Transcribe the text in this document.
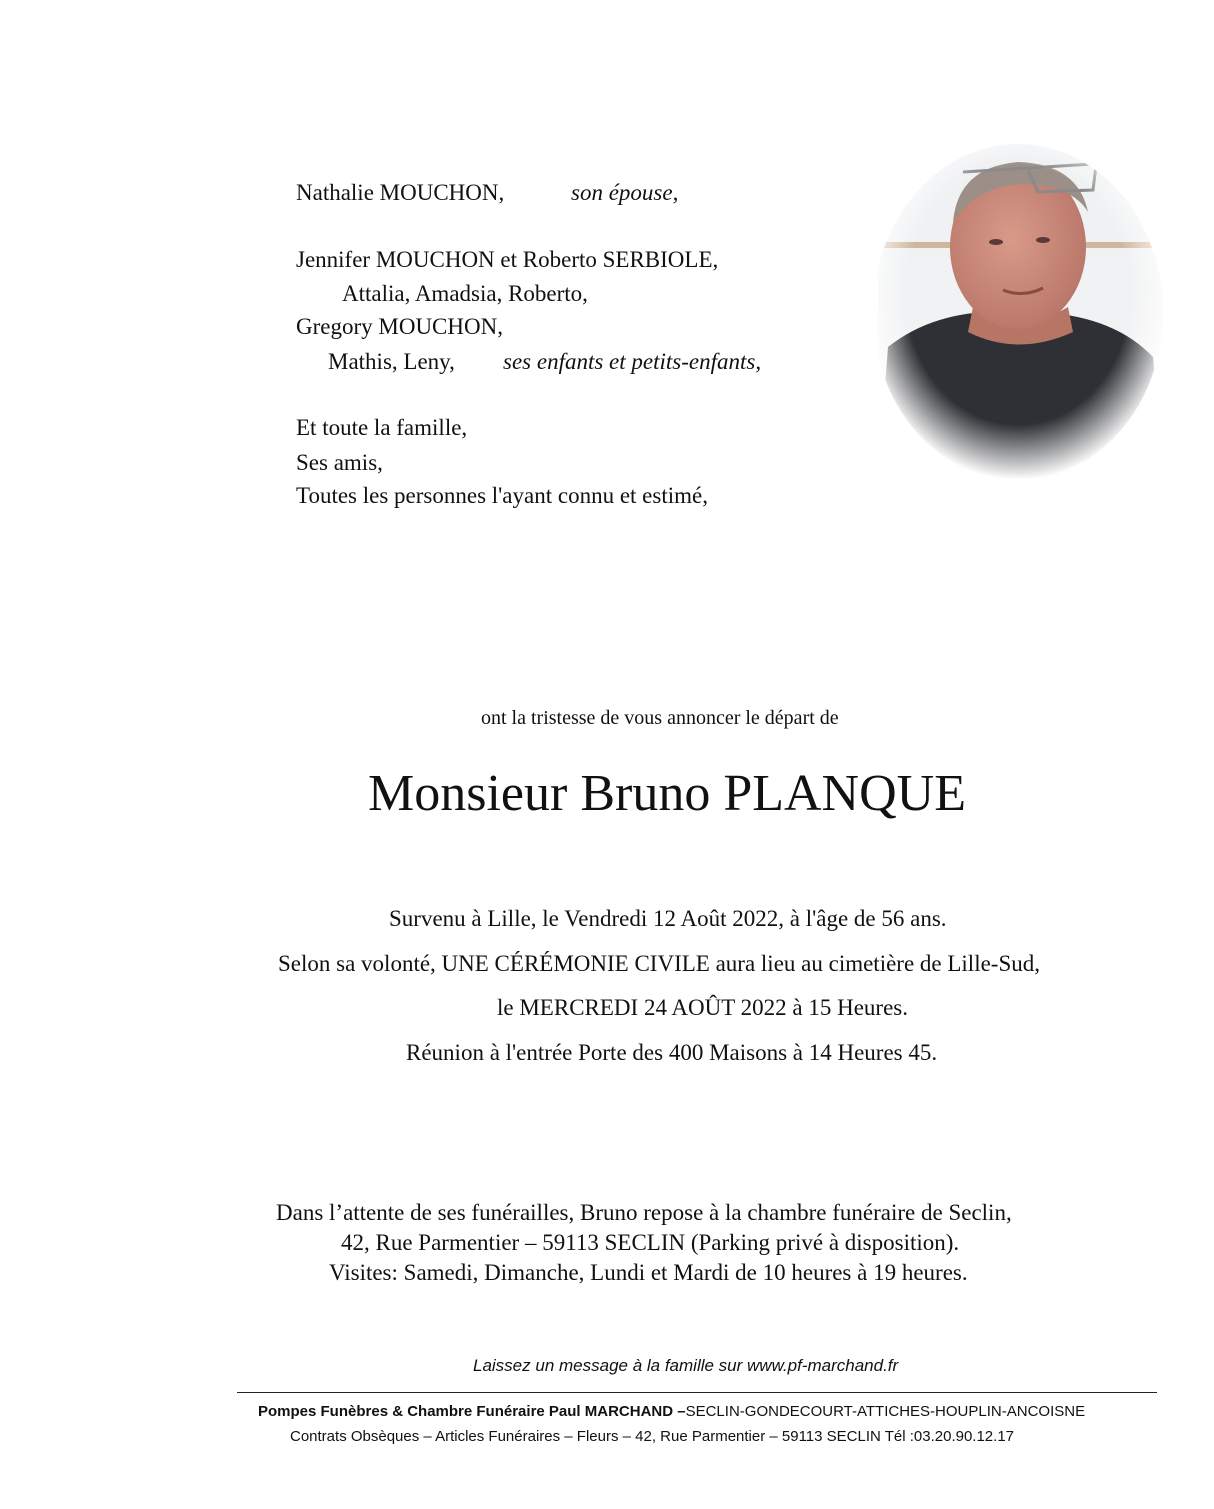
Nathalie MOUCHON,	son épouse,
Jennifer MOUCHON et Roberto SERBIOLE,
Attalia, Amadsia, Roberto,
Gregory MOUCHON,
Mathis, Leny, ses enfants et petits-enfants,
Et toute la famille,
Ses amis,
Toutes les personnes l'ayant connu et estimé,
ont la tristesse de vous annoncer le départ de
Monsieur Bruno PLANQUE
Survenu à Lille, le Vendredi 12 Août 2022, à l'âge de 56 ans.
Selon sa volonté, UNE CÉRÉMONIE CIVILE aura lieu au cimetière de Lille-Sud,
le MERCREDI 24 AOÛT 2022 à 15 Heures.
Réunion à l'entrée Porte des 400 Maisons à 14 Heures 45.
Dans l’attente de ses funérailles, Bruno repose à la chambre funéraire de Seclin,
42, Rue Parmentier – 59113 SECLIN (Parking privé à disposition).
Visites: Samedi, Dimanche, Lundi et Mardi de 10 heures à 19 heures.
Laissez un message à la famille sur www.pf-marchand.fr
Pompes Funèbres & Chambre Funéraire Paul MARCHAND –SECLIN-GONDECOURT-ATTICHES-HOUPLIN-ANCOISNE
Contrats Obsèques – Articles Funéraires – Fleurs – 42, Rue Parmentier – 59113 SECLIN Tél :03.20.90.12.17
